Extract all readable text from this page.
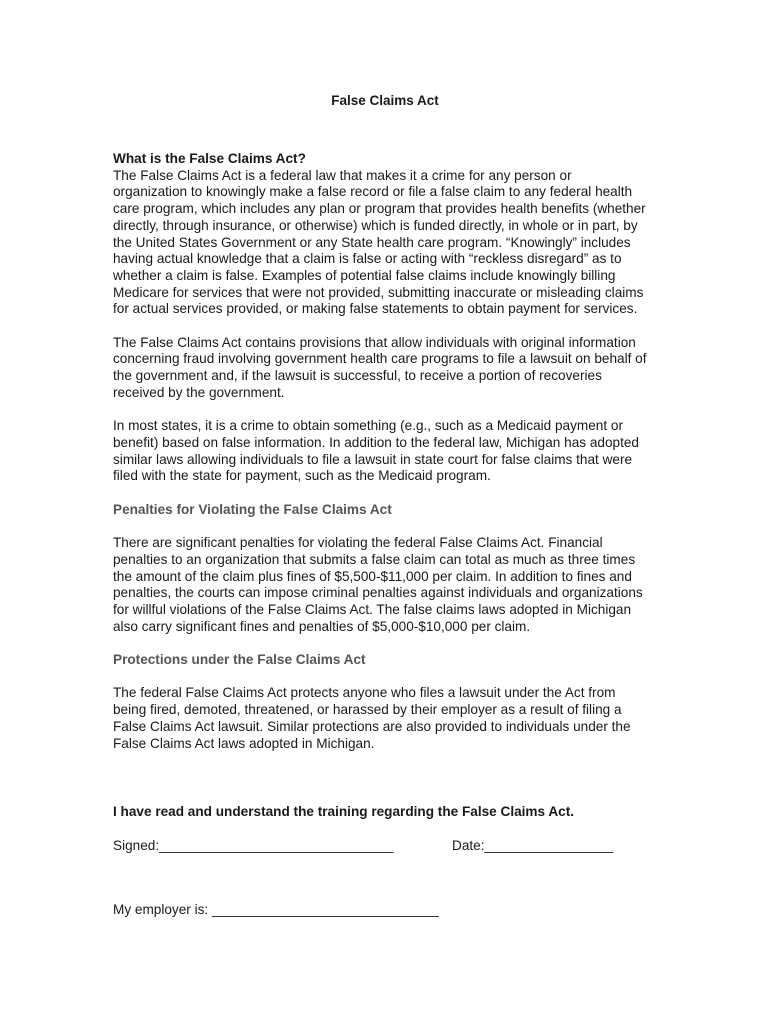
False Claims Act
What is the False Claims Act?
The False Claims Act is a federal law that makes it a crime for any person or
organization to knowingly make a false record or file a false claim to any federal health
care program, which includes any plan or program that provides health benefits (whether
directly, through insurance, or otherwise) which is funded directly, in whole or in part, by
the United States Government or any State health care program. “Knowingly” includes
having actual knowledge that a claim is false or acting with “reckless disregard” as to
whether a claim is false. Examples of potential false claims include knowingly billing
Medicare for services that were not provided, submitting inaccurate or misleading claims
for actual services provided, or making false statements to obtain payment for services.
The False Claims Act contains provisions that allow individuals with original information
concerning fraud involving government health care programs to file a lawsuit on behalf of
the government and, if the lawsuit is successful, to receive a portion of recoveries
received by the government.
In most states, it is a crime to obtain something (e.g., such as a Medicaid payment or
benefit) based on false information. In addition to the federal law, Michigan has adopted
similar laws allowing individuals to file a lawsuit in state court for false claims that were
filed with the state for payment, such as the Medicaid program.
Penalties for Violating the False Claims Act
There are significant penalties for violating the federal False Claims Act. Financial
penalties to an organization that submits a false claim can total as much as three times
the amount of the claim plus fines of $5,500-$11,000 per claim. In addition to fines and
penalties, the courts can impose criminal penalties against individuals and organizations
for willful violations of the False Claims Act. The false claims laws adopted in Michigan
also carry significant fines and penalties of $5,000-$10,000 per claim.
Protections under the False Claims Act
The federal False Claims Act protects anyone who files a lawsuit under the Act from
being fired, demoted, threatened, or harassed by their employer as a result of filing a
False Claims Act lawsuit. Similar protections are also provided to individuals under the
False Claims Act laws adopted in Michigan.
I have read and understand the training regarding the False Claims Act.
Signed:_______________________________	Date:_________________
My employer is: ______________________________
